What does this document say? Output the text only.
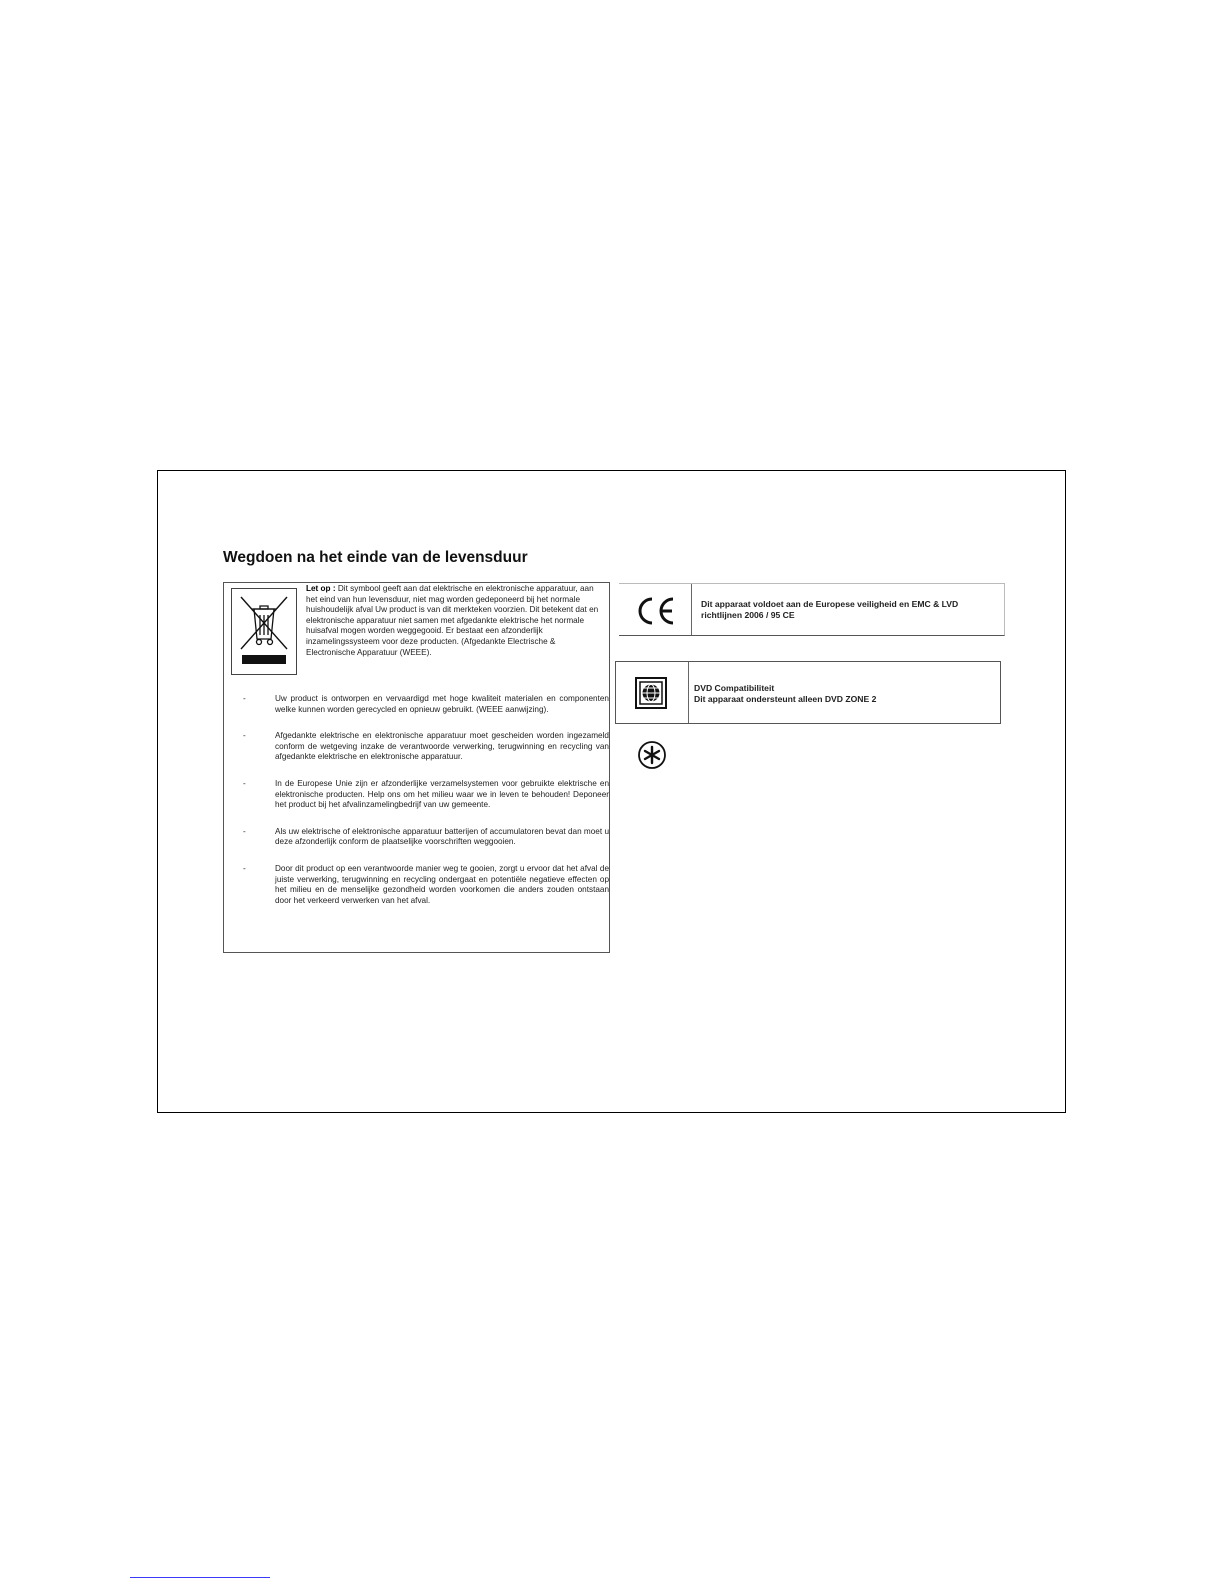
Wegdoen na het einde van de levensduur
Let op : Dit symbool geeft aan dat elektrische en elektronische apparatuur, aan het eind van hun levensduur, niet mag worden gedeponeerd bij het normale huishoudelijk afval Uw product is van dit merkteken voorzien. Dit betekent dat en elektronische apparatuur niet samen met afgedankte elektrische het normale huisafval mogen worden weggegooid. Er bestaat een afzonderlijk inzamelingssysteem voor deze producten. (Afgedankte Electrische & Electronische Apparatuur (WEEE).
-	Uw product is ontworpen en vervaardigd met hoge kwaliteit materialen en componenten welke kunnen worden gerecycled en opnieuw gebruikt. (WEEE aanwijzing).
-	Afgedankte elektrische en elektronische apparatuur moet gescheiden worden ingezameld conform de wetgeving inzake de verantwoorde verwerking, terugwinning en recycling van afgedankte elektrische en elektronische apparatuur.
-	In de Europese Unie zijn er afzonderlijke verzamelsystemen voor gebruikte elektrische en elektronische producten. Help ons om het milieu waar we in leven te behouden! Deponeer het product bij het afvalinzamelingbedrijf van uw gemeente.
-	Als uw elektrische of elektronische apparatuur batterijen of accumulatoren bevat dan moet u deze afzonderlijk conform de plaatselijke voorschriften weggooien.
-	Door dit product op een verantwoorde manier weg te gooien, zorgt u ervoor dat het afval de juiste verwerking, terugwinning en recycling ondergaat en potentiële negatieve effecten op het milieu en de menselijke gezondheid worden voorkomen die anders zouden ontstaan door het verkeerd verwerken van het afval.
Dit apparaat voldoet aan de Europese veiligheid en EMC & LVD richtlijnen 2006 / 95 CE
DVD Compatibiliteit
Dit apparaat ondersteunt alleen DVD ZONE 2
